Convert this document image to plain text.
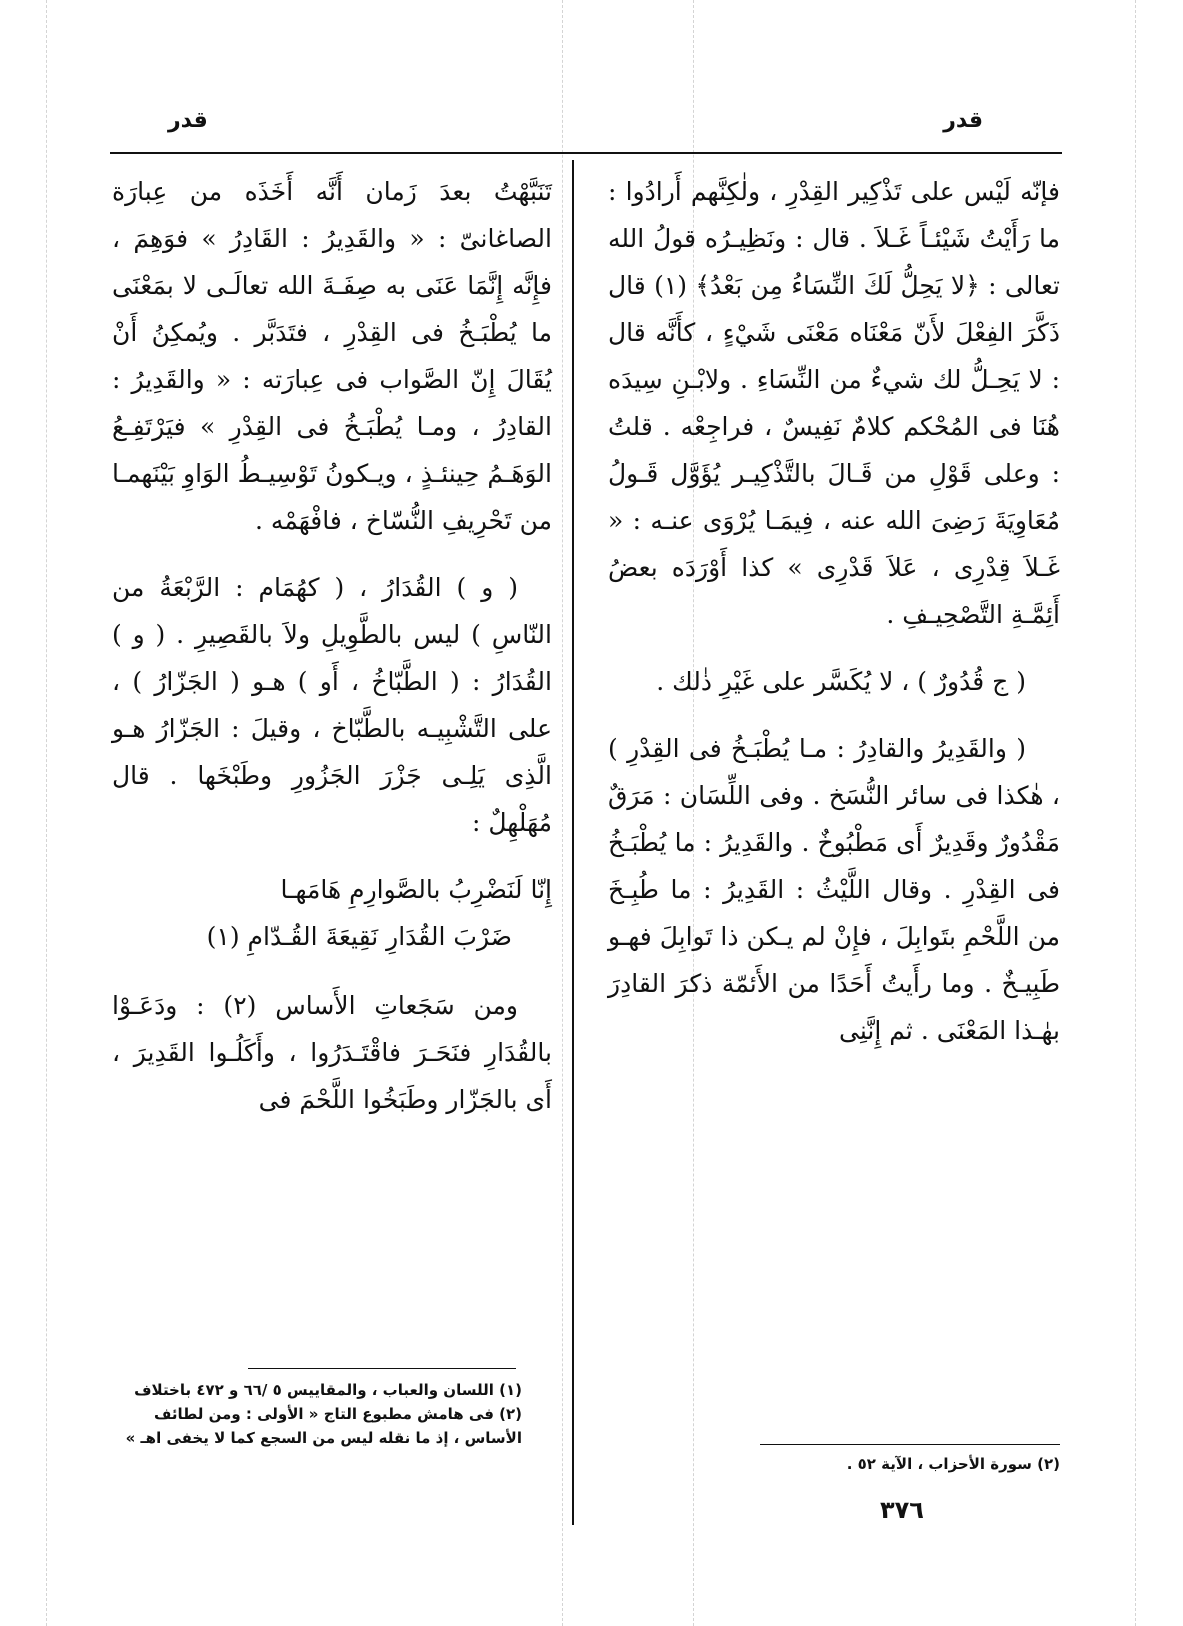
قدر
قدر

فإنّه لَيْس على تَذْكِير القِدْرِ ، ولٰكِنَّهم أَرادُوا : ما رَأَيْتُ شَيْئـاً غَـلاَ . قال : ونَظِيـرُه قولُ الله تعالى : ﴿لا يَحِلُّ لَكَ النِّسَاءُ مِن بَعْدُ﴾ (١) قال ذَكَّرَ الفِعْلَ لأَنّ مَعْنَاه مَعْنَى شَيْءٍ ، كأَنَّه قال : لا يَحِـلُّ لك شيءٌ من النِّسَاءِ . ولابْـنِ سِيدَه هُنَا فى المُحْكم كلامٌ نَفِيسٌ ، فراجِعْه . قلتُ : وعلى قَوْلِ من قَـالَ بالتَّذْكِيـر يُؤَوَّل قَـولُ مُعَاوِيَةَ رَضِىَ الله عنه ، فِيمَـا يُرْوَى عنـه : « غَـلاَ قِدْرِى ، عَلاَ قَدْرِى » كذا أَوْرَدَه بعضُ أَئِمَّـةِ التَّصْحِيـفِ .

( ج قُدُورٌ ) ، لا يُكَسَّر على غَيْرِ ذٰلك .

( والقَدِيرُ والقادِرُ : مـا يُطْبَـخُ فى القِدْرِ ) ، هٰكذا فى سائر النُّسَخ . وفى اللِّسَان : مَرَقٌ مَقْدُورٌ وقَدِيرٌ أَى مَطْبُوخٌ . والقَدِيرُ : ما يُطْبَـخُ فى القِدْرِ . وقال اللَّيْثُ : القَدِيرُ : ما طُبِـخَ من اللَّحْمِ بتَوابِلَ ، فإِنْ لم يـكن ذا تَوابِلَ فهـو طَبِيـخٌ . وما رأَيتُ أَحَدًا من الأَئمّة ذكرَ القادِرَ بهٰـذا المَعْنَى . ثم إِنَّنِى

تَنَبَّهْتُ بعدَ زَمان أَنَّه أَخَذَه من عِبارَة الصاغانىّ : « والقَدِيرُ : القَادِرُ » فوَهِمَ ، فإِنَّه إِنَّمَا عَنَى به صِفَـةَ الله تعالَـى لا بمَعْنَى ما يُطْبَـخُ فى القِدْرِ ، فتَدَبَّر . ويُمكِنُ أَنْ يُقَالَ إِنّ الصَّواب فى عِبارَته : « والقَدِيرُ : القادِرُ ، ومـا يُطْبَـخُ فى القِدْرِ » فيَرْتَفِـعُ الوَهَـمُ حِينئـذٍ ، ويـكونُ تَوْسِيـطُ الوَاوِ بَيْنَهمـا من تَحْرِيفِ النُّسّاخ ، فافْهَمْه .

( و ) القُدَارُ ، ( كهُمَام : الرَّبْعَةُ من النّاسِ ) ليس بالطَّوِيلِ ولاَ بالقَصِيرِ . ( و ) القُدَارُ : ( الطَّبّاخُ ، أَو ) هـو ( الجَزّارُ ) ، على التَّشْبِيـه بالطَّبّاخ ، وقيلَ : الجَزّارُ هـو الَّذِى يَلِـى جَزْرَ الجَزُورِ وطَبْخَها . قال مُهَلْهِلٌ :

إِنّا لَنَضْرِبُ بالصَّوارِمِ هَامَهـا
ضَرْبَ القُدَارِ نَقِيعَةَ القُـدّامِ (١)

ومن سَجَعاتِ الأَساس (٢) : ودَعَـوْا بالقُدَارِ فنَحَـرَ فاقْتَـدَرُوا ، وأَكَلُـوا القَدِيرَ ، أَى بالجَزّار وطَبَخُوا اللَّحْمَ فى

(١) اللسان والعباب ، والمقاييس ٥ /٦٦ و ٤٧٢ باختلاف
(٢) فى هامش مطبوع التاج « الأولى : ومن لطائف الأساس ، إذ ما نقله ليس من السجع كما لا يخفى اهـ »
(٢) سورة الأحزاب ، الآية ٥٢ .
٣٧٦
